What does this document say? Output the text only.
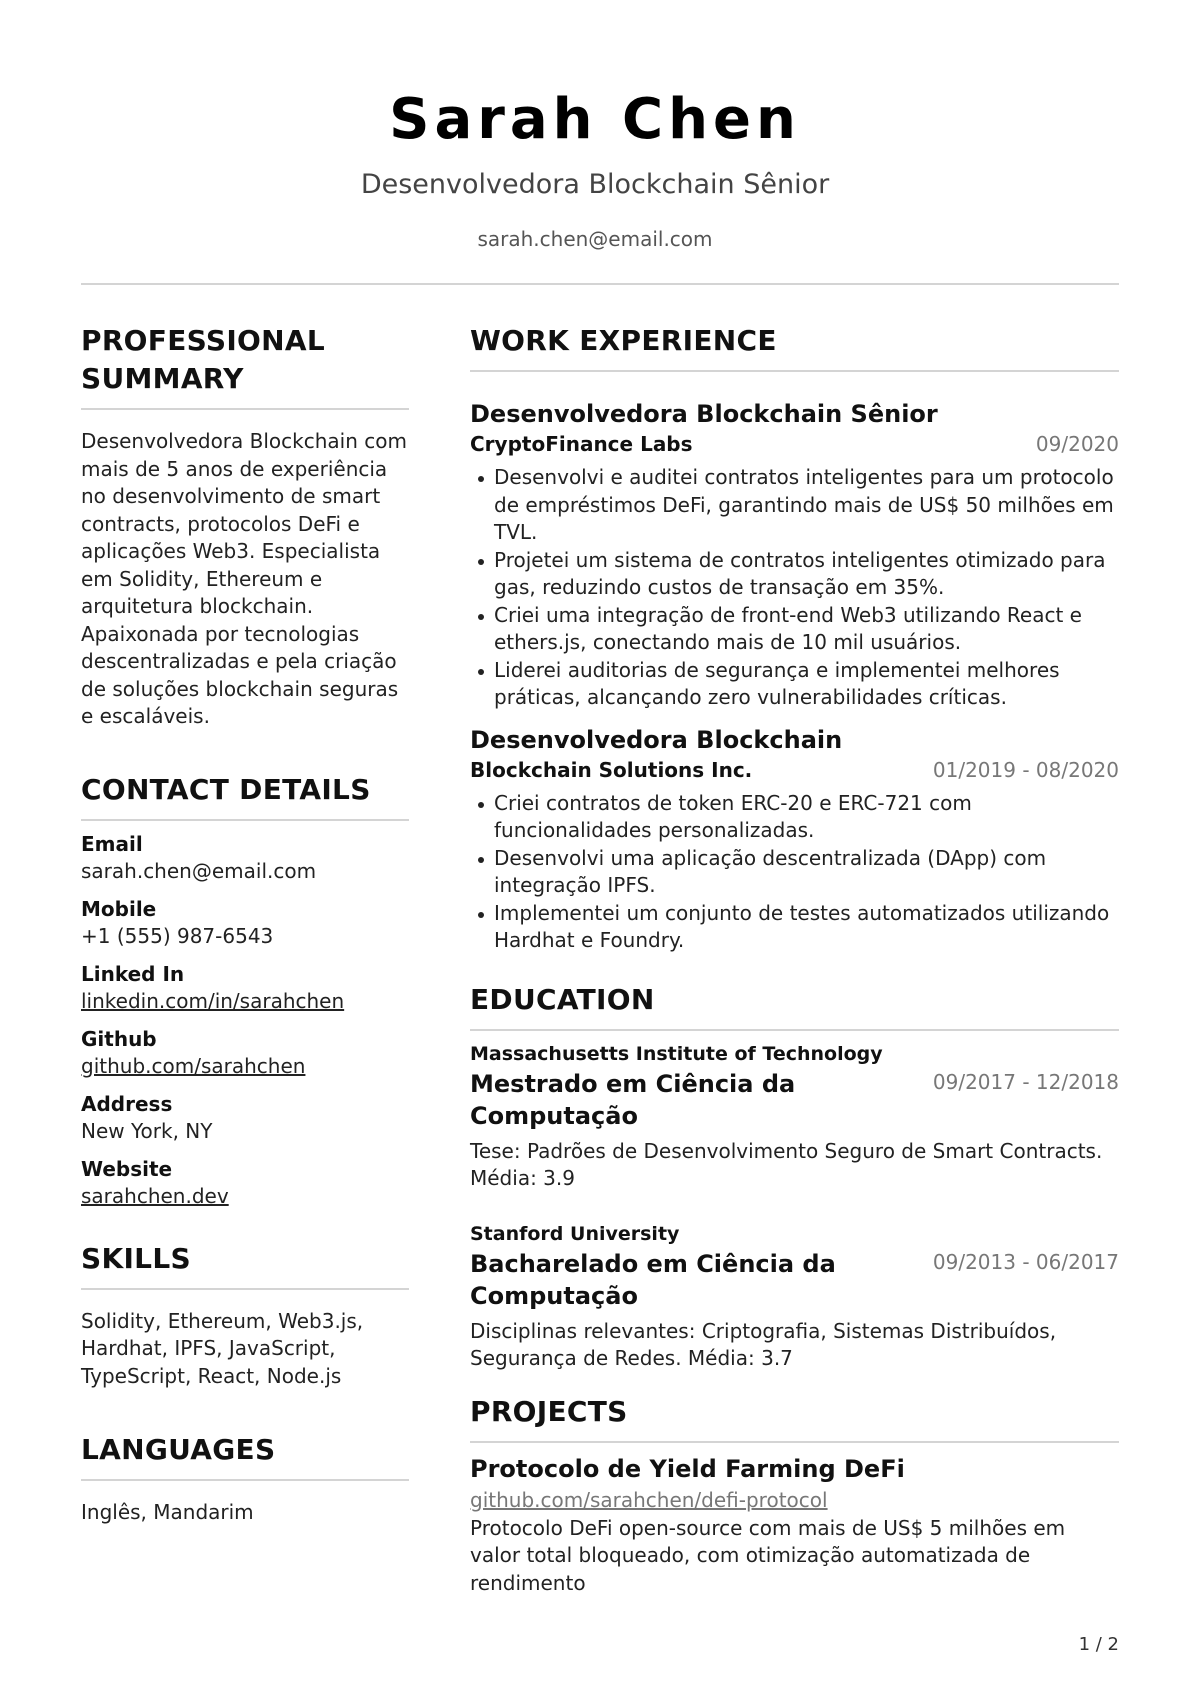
Sarah Chen
Desenvolvedora Blockchain Sênior
sarah.chen@email.com
PROFESSIONAL SUMMARY
Desenvolvedora Blockchain com mais de 5 anos de experiência no desenvolvimento de smart contracts, protocolos DeFi e aplicações Web3. Especialista em Solidity, Ethereum e arquitetura blockchain. Apaixonada por tecnologias descentralizadas e pela criação de soluções blockchain seguras e escaláveis.
CONTACT DETAILS
Email
sarah.chen@email.com
Mobile
+1 (555) 987-6543
Linked In
linkedin.com/in/sarahchen
Github
github.com/sarahchen
Address
New York, NY
Website
sarahchen.dev
SKILLS
Solidity, Ethereum, Web3.js, Hardhat, IPFS, JavaScript, TypeScript, React, Node.js
LANGUAGES
Inglês, Mandarim
WORK EXPERIENCE
Desenvolvedora Blockchain Sênior
CryptoFinance Labs	09/2020
Desenvolvi e auditei contratos inteligentes para um protocolo de empréstimos DeFi, garantindo mais de US$ 50 milhões em TVL.
Projetei um sistema de contratos inteligentes otimizado para gas, reduzindo custos de transação em 35%.
Criei uma integração de front-end Web3 utilizando React e ethers.js, conectando mais de 10 mil usuários.
Liderei auditorias de segurança e implementei melhores práticas, alcançando zero vulnerabilidades críticas.
Desenvolvedora Blockchain
Blockchain Solutions Inc.	01/2019 - 08/2020
Criei contratos de token ERC-20 e ERC-721 com funcionalidades personalizadas.
Desenvolvi uma aplicação descentralizada (DApp) com integração IPFS.
Implementei um conjunto de testes automatizados utilizando Hardhat e Foundry.
EDUCATION
Massachusetts Institute of Technology
Mestrado em Ciência da Computação
09/2017 - 12/2018
Tese: Padrões de Desenvolvimento Seguro de Smart Contracts. Média: 3.9
Stanford University
Bacharelado em Ciência da Computação
09/2013 - 06/2017
Disciplinas relevantes: Criptografia, Sistemas Distribuídos, Segurança de Redes. Média: 3.7
PROJECTS
Protocolo de Yield Farming DeFi
github.com/sarahchen/defi-protocol
Protocolo DeFi open-source com mais de US$ 5 milhões em valor total bloqueado, com otimização automatizada de rendimento
1 / 2
